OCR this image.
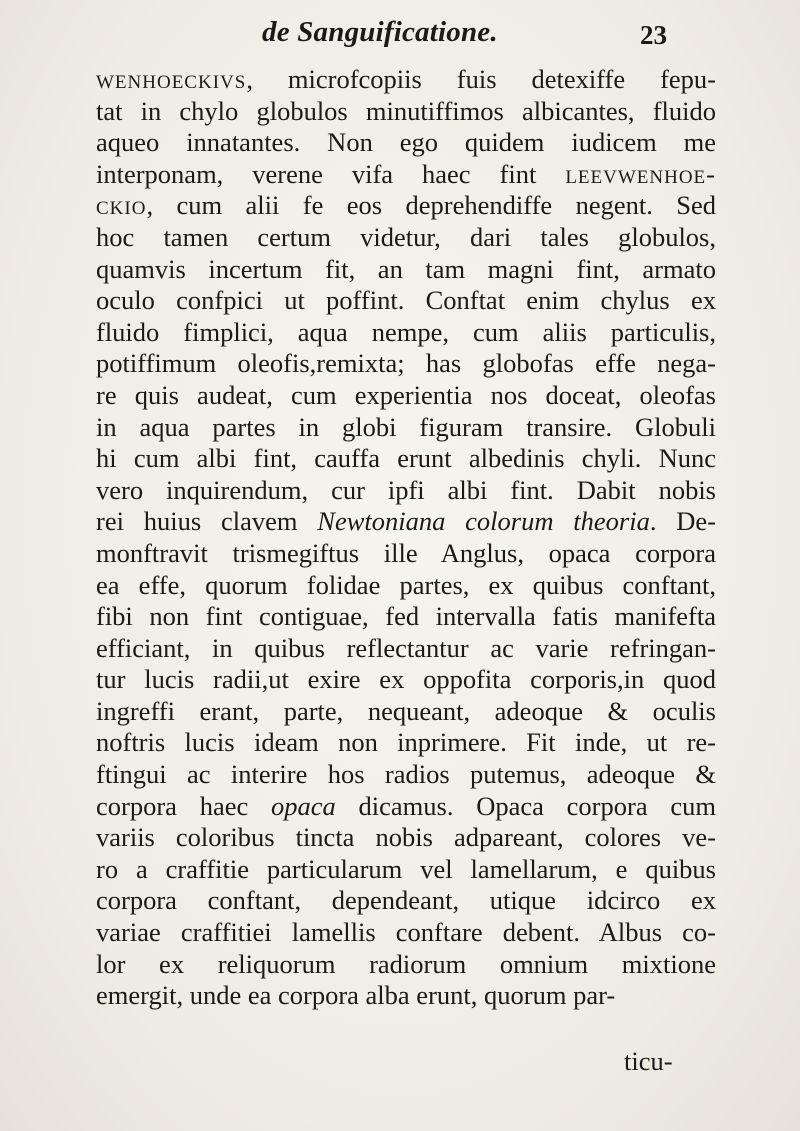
de Sanguificatione.	23
wenhoeckivs, microfcopiis fuis detexiffe fepu-
tat in chylo globulos minutiffimos albicantes, fluido
aqueo innatantes. Non ego quidem iudicem me
interponam, verene vifa haec fint leevwenhoe-
ckio, cum alii fe eos deprehendiffe negent. Sed
hoc tamen certum videtur, dari tales globulos,
quamvis incertum fit, an tam magni fint, armato
oculo confpici ut poffint. Conftat enim chylus ex
fluido fimplici, aqua nempe, cum aliis particulis,
potiffimum oleofis,remixta; has globofas effe nega-
re quis audeat, cum experientia nos doceat, oleofas
in aqua partes in globi figuram transire. Globuli
hi cum albi fint, cauffa erunt albedinis chyli. Nunc
vero inquirendum, cur ipfi albi fint. Dabit nobis
rei huius clavem Newtoniana colorum theoria. De-
monftravit trismegiftus ille Anglus, opaca corpora
ea effe, quorum folidae partes, ex quibus conftant,
fibi non fint contiguae, fed intervalla fatis manifefta
efficiant, in quibus reflectantur ac varie refringan-
tur lucis radii,ut exire ex oppofita corporis,in quod
ingreffi erant, parte, nequeant, adeoque & oculis
noftris lucis ideam non inprimere. Fit inde, ut re-
ftingui ac interire hos radios putemus, adeoque &
corpora haec opaca dicamus. Opaca corpora cum
variis coloribus tincta nobis adpareant, colores ve-
ro a craffitie particularum vel lamellarum, e quibus
corpora conftant, dependeant, utique idcirco ex
variae craffitiei lamellis conftare debent. Albus co-
lor ex reliquorum radiorum omnium mixtione
emergit, unde ea corpora alba erunt, quorum par-
ticu-
